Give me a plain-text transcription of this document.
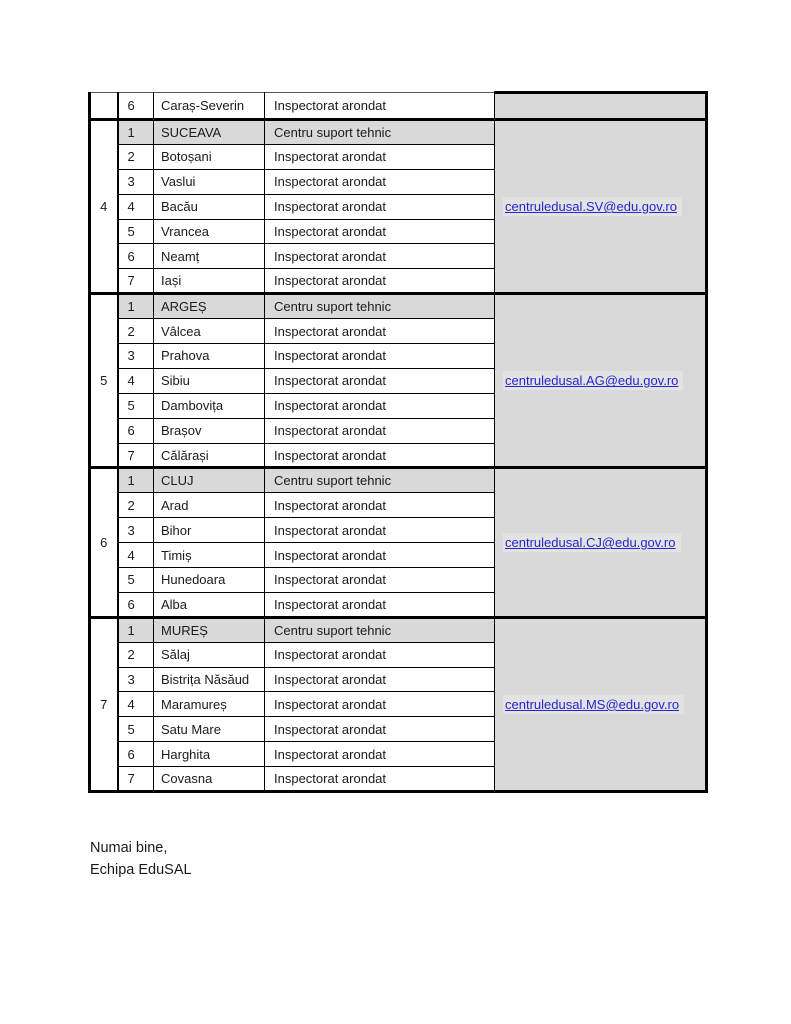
	6	Caraș-Severin	Inspectorat arondat	
4	1	SUCEAVA	Centru suport tehnic	centruledusal.SV@edu.gov.ro
	2	Botoșani	Inspectorat arondat	
	3	Vaslui	Inspectorat arondat	
	4	Bacău	Inspectorat arondat	
	5	Vrancea	Inspectorat arondat	
	6	Neamț	Inspectorat arondat	
	7	Iași	Inspectorat arondat	
5	1	ARGEȘ	Centru suport tehnic	centruledusal.AG@edu.gov.ro
	2	Vâlcea	Inspectorat arondat	
	3	Prahova	Inspectorat arondat	
	4	Sibiu	Inspectorat arondat	
	5	Dambovița	Inspectorat arondat	
	6	Brașov	Inspectorat arondat	
	7	Călărași	Inspectorat arondat	
6	1	CLUJ	Centru suport tehnic	centruledusal.CJ@edu.gov.ro
	2	Arad	Inspectorat arondat	
	3	Bihor	Inspectorat arondat	
	4	Timiș	Inspectorat arondat	
	5	Hunedoara	Inspectorat arondat	
	6	Alba	Inspectorat arondat	
7	1	MUREȘ	Centru suport tehnic	centruledusal.MS@edu.gov.ro
	2	Sălaj	Inspectorat arondat	
	3	Bistrița Năsăud	Inspectorat arondat	
	4	Maramureș	Inspectorat arondat	
	5	Satu Mare	Inspectorat arondat	
	6	Harghita	Inspectorat arondat	
	7	Covasna	Inspectorat arondat	
Numai bine,
Echipa EduSAL
